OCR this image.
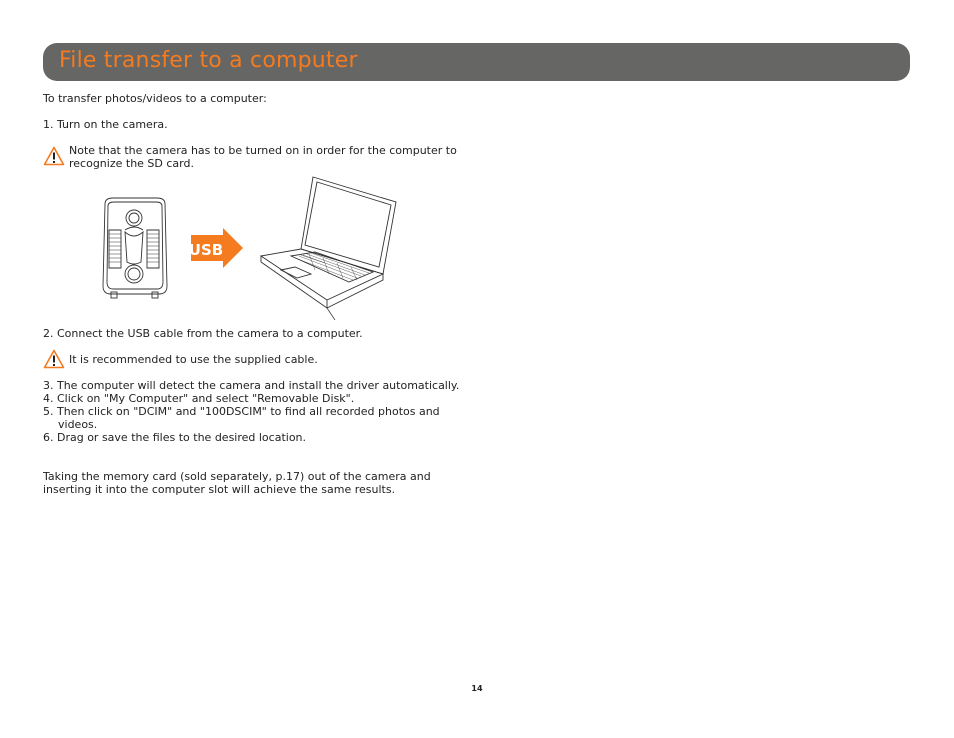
File transfer to a computer
To transfer photos/videos to a computer:
1. Turn on the camera.
Note that the camera has to be turned on in order for the computer to
recognize the SD card.
USB
2. Connect the USB cable from the camera to a computer.
It is recommended to use the supplied cable.
3. The computer will detect the camera and install the driver automatically.
4. Click on "My Computer" and select "Removable Disk".
5. Then click on "DCIM" and "100DSCIM" to find all recorded photos and
videos.
6. Drag or save the files to the desired location.
Taking the memory card (sold separately, p.17) out of the camera and
inserting it into the computer slot will achieve the same results.
14
